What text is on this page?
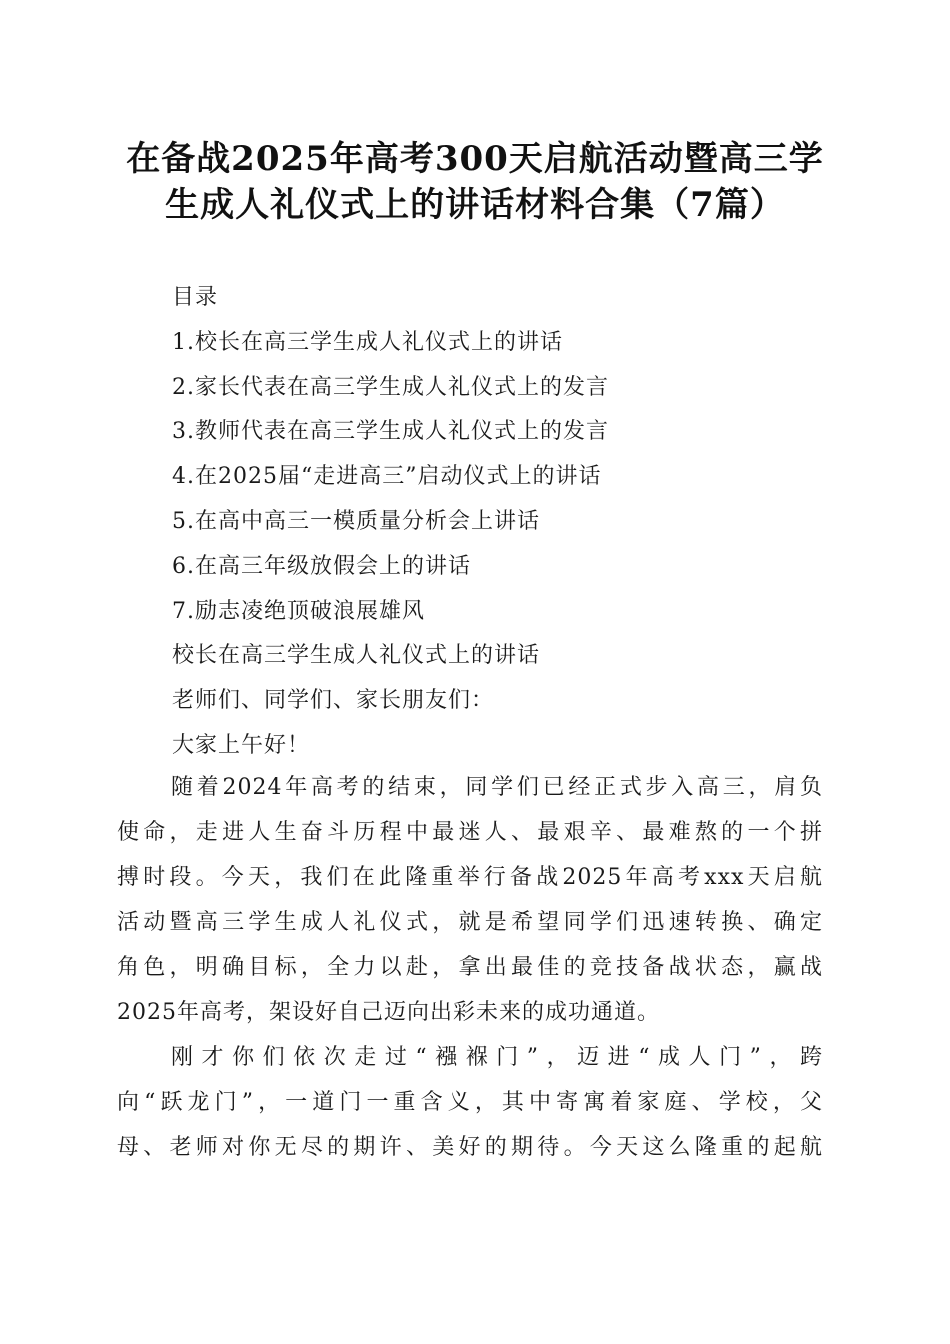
在备战2025年高考300天启航活动暨高三学
生成人礼仪式上的讲话材料合集（7篇）
目录
1.校长在高三学生成人礼仪式上的讲话
2.家长代表在高三学生成人礼仪式上的发言
3.教师代表在高三学生成人礼仪式上的发言
4.在2025届“走进高三”启动仪式上的讲话
5.在高中高三一模质量分析会上讲话
6.在高三年级放假会上的讲话
7.励志凌绝顶破浪展雄风
校长在高三学生成人礼仪式上的讲话
老师们、同学们、家长朋友们：
大家上午好！
随着2024年高考的结束，同学们已经正式步入高三，肩负
使命，走进人生奋斗历程中最迷人、最艰辛、最难熬的一个拼
搏时段。今天，我们在此隆重举行备战2025年高考xxx天启航
活动暨高三学生成人礼仪式，就是希望同学们迅速转换、确定
角色，明确目标，全力以赴，拿出最佳的竞技备战状态，赢战
2025年高考，架设好自己迈向出彩未来的成功通道。
刚才你们依次走过“襁褓门”，迈进“成人门”，跨
向“跃龙门”，一道门一重含义，其中寄寓着家庭、学校，父
母、老师对你无尽的期许、美好的期待。今天这么隆重的起航
